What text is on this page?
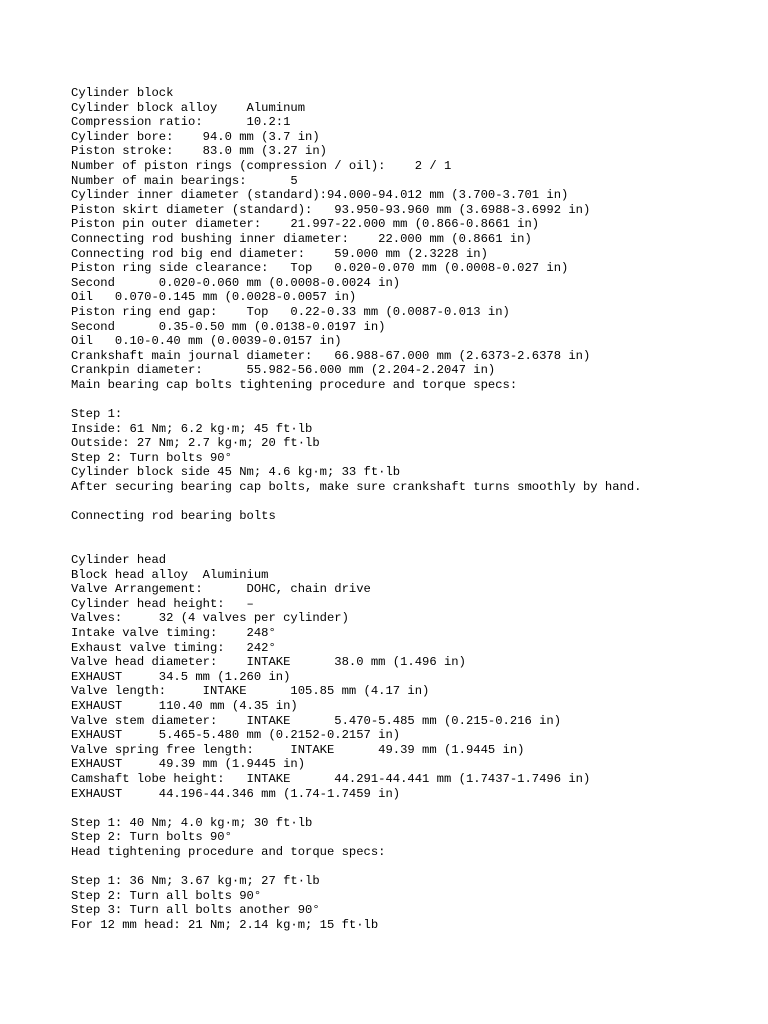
Cylinder block
Cylinder block alloy    Aluminum
Compression ratio:      10.2:1
Cylinder bore:    94.0 mm (3.7 in)
Piston stroke:    83.0 mm (3.27 in)
Number of piston rings (compression / oil):    2 / 1
Number of main bearings:      5
Cylinder inner diameter (standard):94.000-94.012 mm (3.700-3.701 in)
Piston skirt diameter (standard):   93.950-93.960 mm (3.6988-3.6992 in)
Piston pin outer diameter:    21.997-22.000 mm (0.866-0.8661 in)
Connecting rod bushing inner diameter:    22.000 mm (0.8661 in)
Connecting rod big end diameter:    59.000 mm (2.3228 in)
Piston ring side clearance:   Top   0.020-0.070 mm (0.0008-0.027 in)
Second      0.020-0.060 mm (0.0008-0.0024 in)
Oil   0.070-0.145 mm (0.0028-0.0057 in)
Piston ring end gap:    Top   0.22-0.33 mm (0.0087-0.013 in)
Second      0.35-0.50 mm (0.0138-0.0197 in)
Oil   0.10-0.40 mm (0.0039-0.0157 in)
Crankshaft main journal diameter:   66.988-67.000 mm (2.6373-2.6378 in)
Crankpin diameter:      55.982-56.000 mm (2.204-2.2047 in)
Main bearing cap bolts tightening procedure and torque specs:
Step 1:
Inside: 61 Nm; 6.2 kg·m; 45 ft·lb
Outside: 27 Nm; 2.7 kg·m; 20 ft·lb
Step 2: Turn bolts 90°
Cylinder block side 45 Nm; 4.6 kg·m; 33 ft·lb
After securing bearing cap bolts, make sure crankshaft turns smoothly by hand.
Connecting rod bearing bolts
Cylinder head
Block head alloy  Aluminium
Valve Arrangement:      DOHC, chain drive
Cylinder head height:   –
Valves:     32 (4 valves per cylinder)
Intake valve timing:    248°
Exhaust valve timing:   242°
Valve head diameter:    INTAKE      38.0 mm (1.496 in)
EXHAUST     34.5 mm (1.260 in)
Valve length:     INTAKE      105.85 mm (4.17 in)
EXHAUST     110.40 mm (4.35 in)
Valve stem diameter:    INTAKE      5.470-5.485 mm (0.215-0.216 in)
EXHAUST     5.465-5.480 mm (0.2152-0.2157 in)
Valve spring free length:     INTAKE      49.39 mm (1.9445 in)
EXHAUST     49.39 mm (1.9445 in)
Camshaft lobe height:   INTAKE      44.291-44.441 mm (1.7437-1.7496 in)
EXHAUST     44.196-44.346 mm (1.74-1.7459 in)
Step 1: 40 Nm; 4.0 kg·m; 30 ft·lb
Step 2: Turn bolts 90°
Head tightening procedure and torque specs:
Step 1: 36 Nm; 3.67 kg·m; 27 ft·lb
Step 2: Turn all bolts 90°
Step 3: Turn all bolts another 90°
For 12 mm head: 21 Nm; 2.14 kg·m; 15 ft·lb
